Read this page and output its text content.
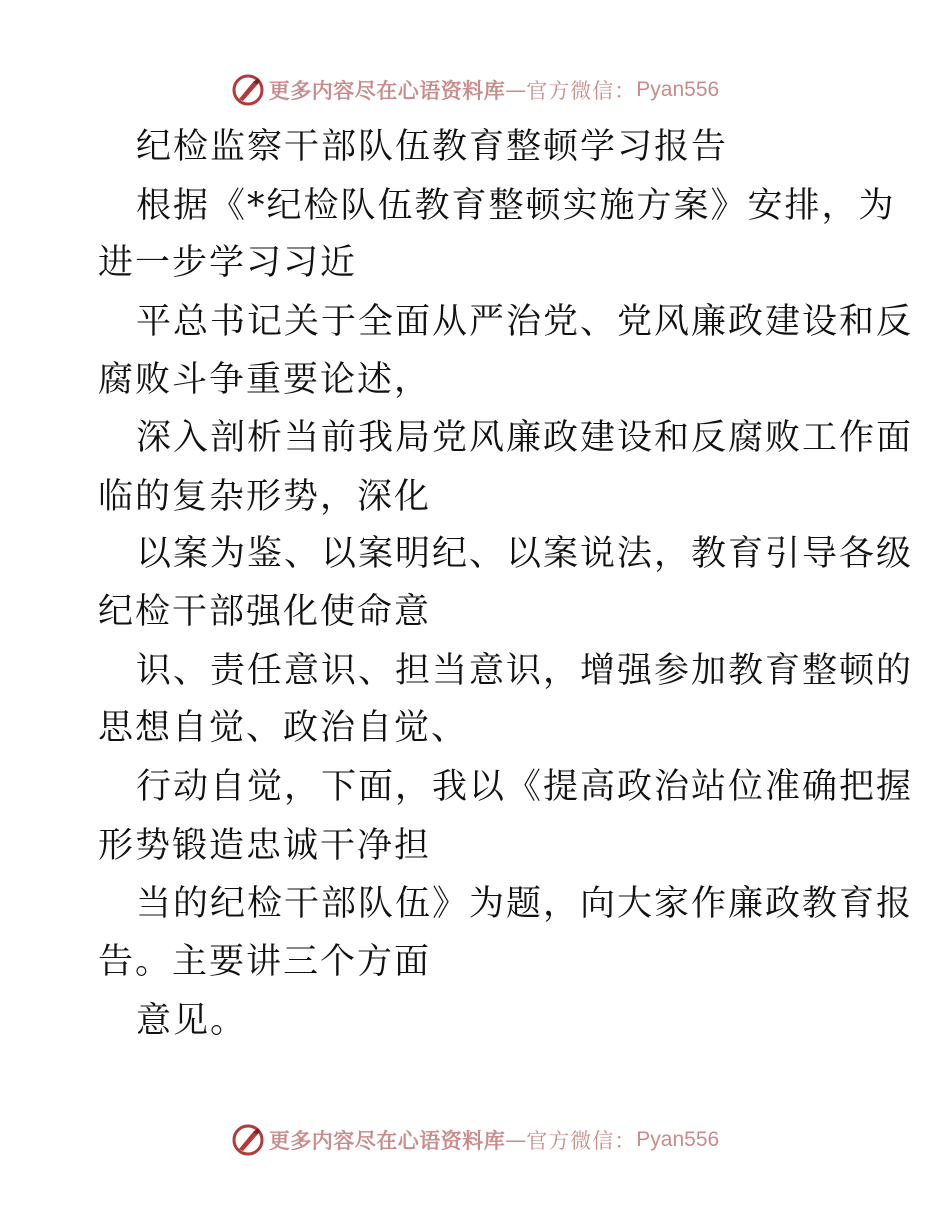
更多内容尽在心语资料库 — 官方微信： Pyan556
纪检监察干部队伍教育整顿学习报告
根据《*纪检队伍教育整顿实施方案》安排，为
进一步学习习近
平总书记关于全面从严治党、党风廉政建设和反
腐败斗争重要论述，
深入剖析当前我局党风廉政建设和反腐败工作面
临的复杂形势，深化
以案为鉴、以案明纪、以案说法，教育引导各级
纪检干部强化使命意
识、责任意识、担当意识，增强参加教育整顿的
思想自觉、政治自觉、
行动自觉，下面，我以《提高政治站位准确把握
形势锻造忠诚干净担
当的纪检干部队伍》为题，向大家作廉政教育报
告。主要讲三个方面
意见。
更多内容尽在心语资料库 — 官方微信： Pyan556
